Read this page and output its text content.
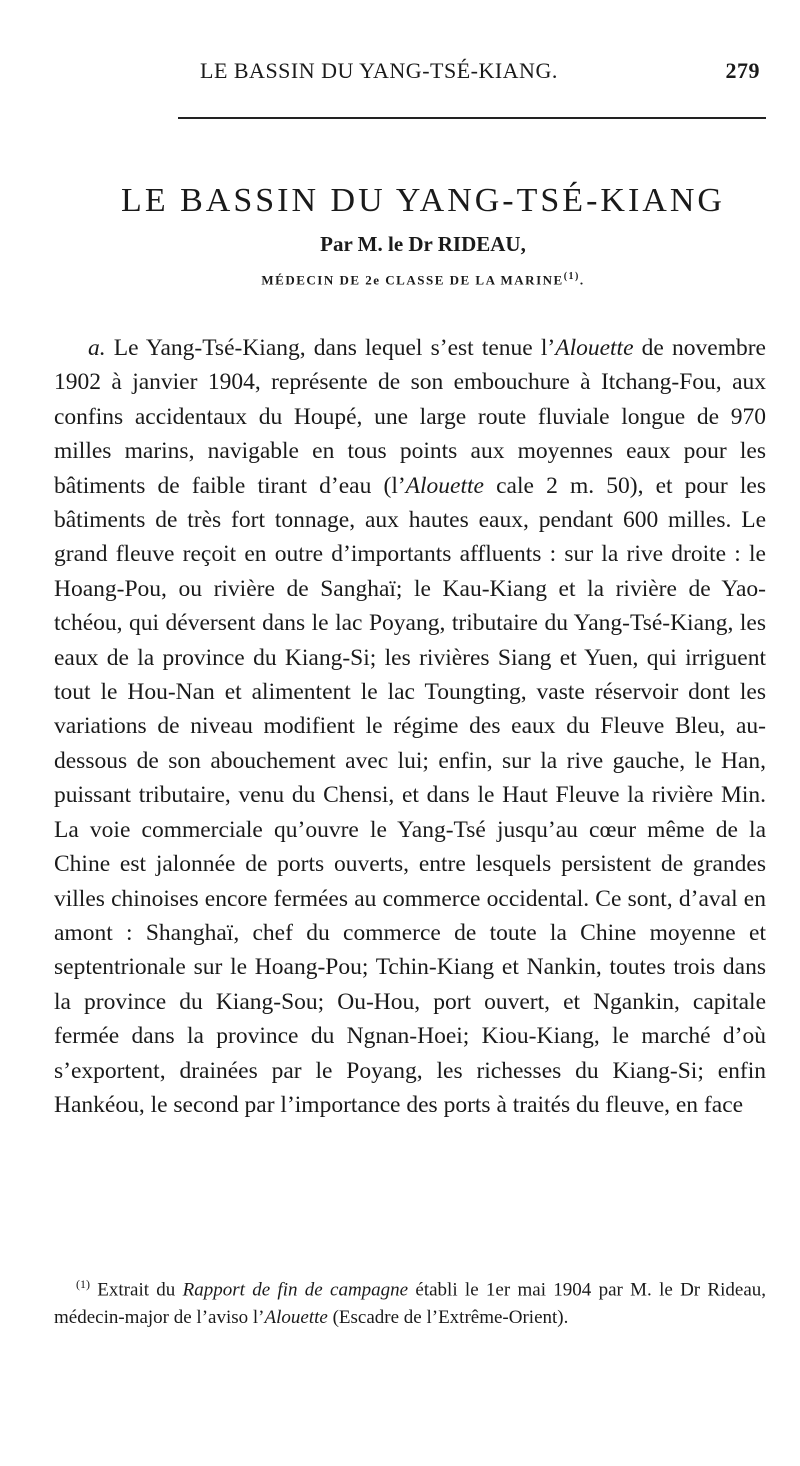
LE BASSIN DU YANG-TSÉ-KIANG.	279
LE BASSIN DU YANG-TSÉ-KIANG
Par M. le Dr RIDEAU,
MÉDECIN DE 2e CLASSE DE LA MARINE$^{(1)}$.

a. Le Yang-Tsé-Kiang, dans lequel s’est tenue l’Alouette de novembre 1902 à janvier 1904, représente de son embouchure à Itchang-Fou, aux confins accidentaux du Houpé, une large route fluviale longue de 970 milles marins, navigable en tous points aux moyennes eaux pour les bâtiments de faible tirant d’eau (l’Alouette cale 2 m. 50), et pour les bâtiments de très fort tonnage, aux hautes eaux, pendant 600 milles. Le grand fleuve reçoit en outre d’importants affluents : sur la rive droite : le Hoang-Pou, ou rivière de Sanghaï; le Kau-Kiang et la rivière de Yao-tchéou, qui déversent dans le lac Poyang, tributaire du Yang-Tsé-Kiang, les eaux de la province du Kiang-Si; les rivières Siang et Yuen, qui irriguent tout le Hou-Nan et alimentent le lac Toungting, vaste réservoir dont les variations de niveau modifient le régime des eaux du Fleuve Bleu, au-dessous de son abouchement avec lui; enfin, sur la rive gauche, le Han, puissant tributaire, venu du Chensi, et dans le Haut Fleuve la rivière Min. La voie commerciale qu’ouvre le Yang-Tsé jusqu’au cœur même de la Chine est jalonnée de ports ouverts, entre lesquels persistent de grandes villes chinoises encore fermées au commerce occidental. Ce sont, d’aval en amont : Shanghaï, chef du commerce de toute la Chine moyenne et septentrionale sur le Hoang-Pou; Tchin-Kiang et Nankin, toutes trois dans la province du Kiang-Sou; Ou-Hou, port ouvert, et Ngankin, capitale fermée dans la province du Ngnan-Hoei; Kiou-Kiang, le marché d’où s’exportent, drainées par le Poyang, les richesses du Kiang-Si; enfin Hankéou, le second par l’importance des ports à traités du fleuve, en face

$^{(1)}$ Extrait du Rapport de fin de campagne établi le 1er mai 1904 par M. le Dr Rideau, médecin-major de l’aviso l’Alouette (Escadre de l’Extrême-Orient).
